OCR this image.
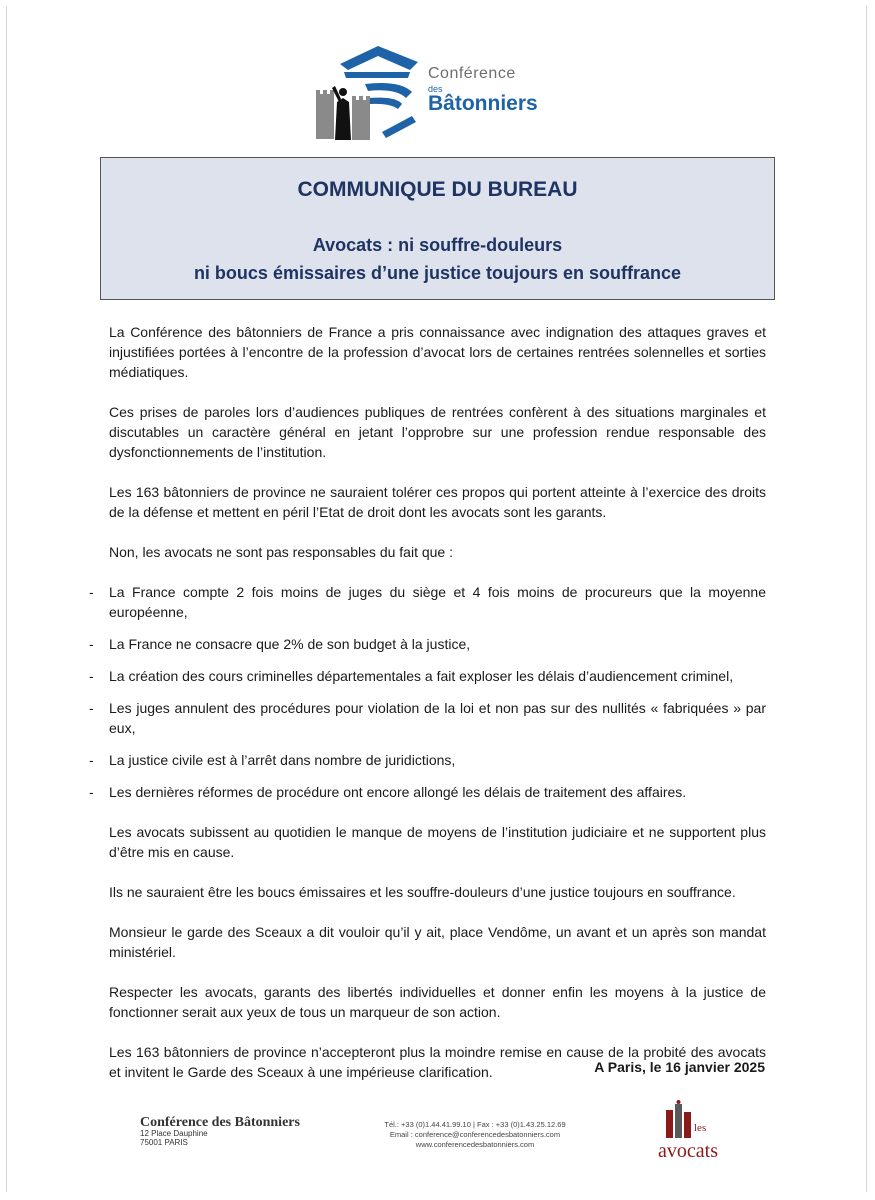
Conférence
des
Bâtonniers
COMMUNIQUE DU BUREAU
Avocats : ni souffre-douleurs
ni boucs émissaires d’une justice toujours en souffrance

La Conférence des bâtonniers de France a pris connaissance avec indignation des attaques graves et injustifiées portées à l’encontre de la profession d’avocat lors de certaines rentrées solennelles et sorties médiatiques.

Ces prises de paroles lors d’audiences publiques de rentrées confèrent à des situations marginales et discutables un caractère général en jetant l’opprobre sur une profession rendue responsable des dysfonctionnements de l’institution.

Les 163 bâtonniers de province ne sauraient tolérer ces propos qui portent atteinte à l’exercice des droits de la défense et mettent en péril l’Etat de droit dont les avocats sont les garants.

Non, les avocats ne sont pas responsables du fait que :

- La France compte 2 fois moins de juges du siège et 4 fois moins de procureurs que la moyenne européenne,
- La France ne consacre que 2% de son budget à la justice,
- La création des cours criminelles départementales a fait exploser les délais d’audiencement criminel,
- Les juges annulent des procédures pour violation de la loi et non pas sur des nullités « fabriquées » par eux,
- La justice civile est à l’arrêt dans nombre de juridictions,
- Les dernières réformes de procédure ont encore allongé les délais de traitement des affaires.

Les avocats subissent au quotidien le manque de moyens de l’institution judiciaire et ne supportent plus d’être mis en cause.

Ils ne sauraient être les boucs émissaires et les souffre-douleurs d’une justice toujours en souffrance.

Monsieur le garde des Sceaux a dit vouloir qu’il y ait, place Vendôme, un avant et un après son mandat ministériel.

Respecter les avocats, garants des libertés individuelles et donner enfin les moyens à la justice de fonctionner serait aux yeux de tous un marqueur de son action.

Les 163 bâtonniers de province n’accepteront plus la moindre remise en cause de la probité des avocats et invitent le Garde des Sceaux à une impérieuse clarification.	A Paris, le 16 janvier 2025
Conférence des Bâtonniers
12 Place Dauphine
75001 PARIS
Tél.: +33 (0)1.44.41.99.10 | Fax : +33 (0)1.43.25.12.69
Email : conference@conferencedesbatonniers.com
www.conferencedesbatonniers.com
les
avocats
